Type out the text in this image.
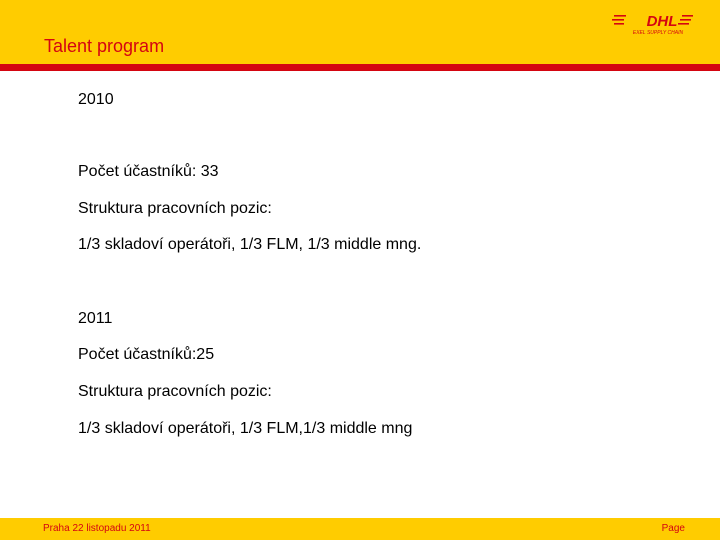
Talent program
DHL
EXEL SUPPLY CHAIN
2010
Počet účastníků: 33
Struktura pracovních pozic:
1/3 skladoví operátoři, 1/3 FLM, 1/3 middle mng.
2011
Počet účastníků:25
Struktura pracovních pozic:
1/3 skladoví operátoři, 1/3 FLM,1/3 middle mng
Praha 22 listopadu 2011	Page
